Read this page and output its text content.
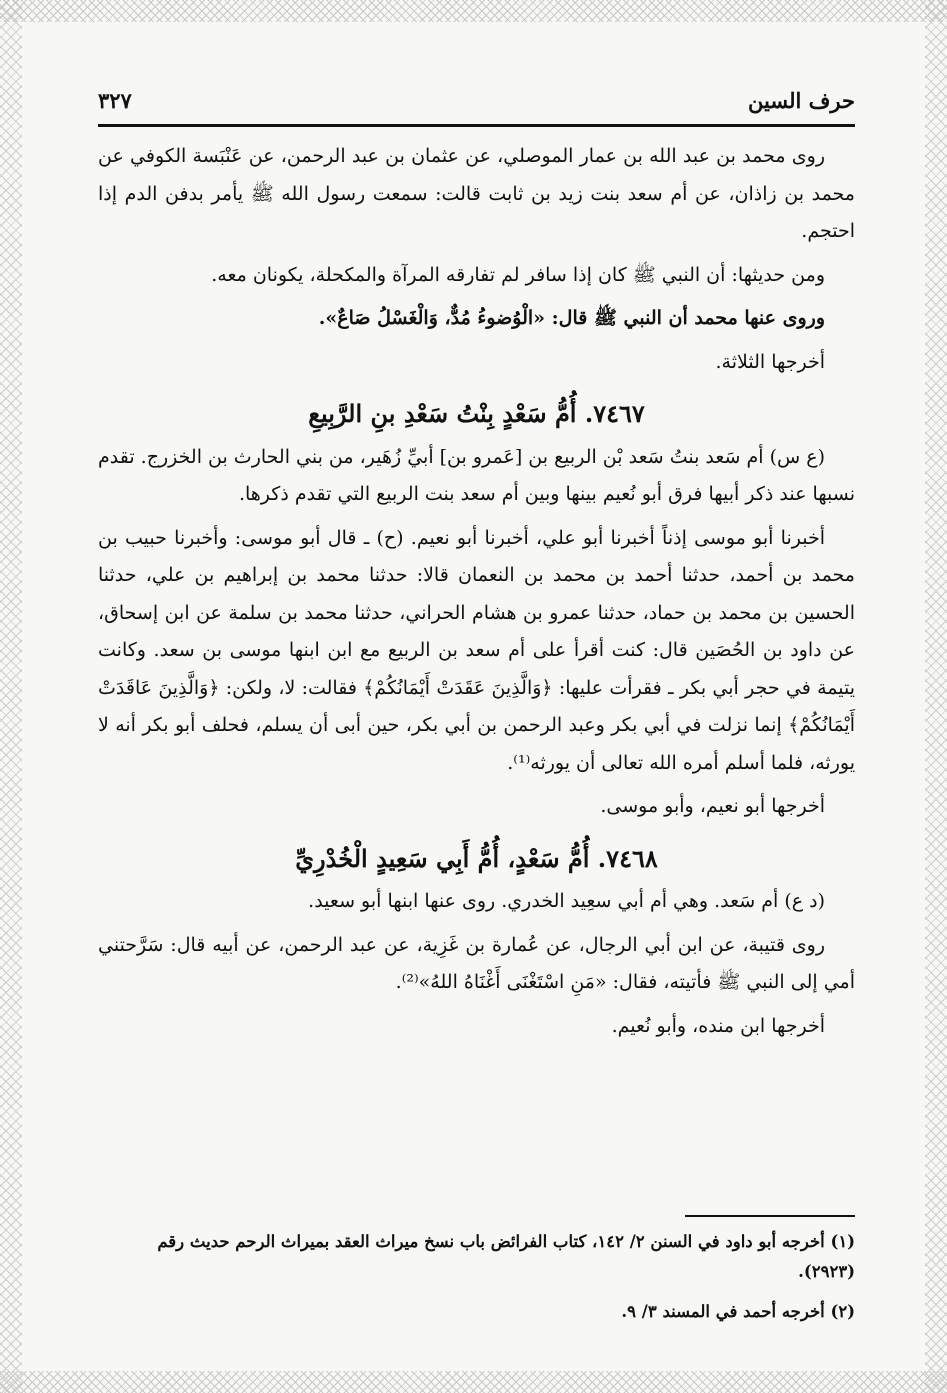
حرف السين
٣٢٧

روى محمد بن عبد الله بن عمار الموصلي، عن عثمان بن عبد الرحمن، عن عَنْبَسة الكوفي عن محمد بن زاذان، عن أم سعد بنت زيد بن ثابت قالت: سمعت رسول الله ﷺ يأمر بدفن الدم إذا احتجم.

ومن حديثها: أن النبي ﷺ كان إذا سافر لم تفارقه المرآة والمكحلة، يكونان معه.

وروى عنها محمد أن النبي ﷺ قال: «الْوُضوءُ مُدٌّ، وَالْغَسْلُ صَاعٌ».

أخرجها الثلاثة.

٧٤٦٧. أُمُّ سَعْدٍ بِنْتُ سَعْدِ بنِ الرَّبِيعِ

(ع س) أم سَعد بنتُ سَعد بْن الربيع بن [عَمرو بن] أبيِّ زُهَير، من بني الحارث بن الخزرج. تقدم نسبها عند ذكر أبيها فرق أبو نُعيم بينها وبين أم سعد بنت الربيع التي تقدم ذكرها.

أخبرنا أبو موسى إذناً أخبرنا أبو علي، أخبرنا أبو نعيم. (ح) ـ قال أبو موسى: وأخبرنا حبيب بن محمد بن أحمد، حدثنا أحمد بن محمد بن النعمان قالا: حدثنا محمد بن إبراهيم بن علي، حدثنا الحسين بن محمد بن حماد، حدثنا عمرو بن هشام الحراني، حدثنا محمد بن سلمة عن ابن إسحاق، عن داود بن الحُصَين قال: كنت أقرأ على أم سعد بن الربيع مع ابن ابنها موسى بن سعد. وكانت يتيمة في حجر أبي بكر ـ فقرأت عليها: ﴿وَالَّذِينَ عَقَدَتْ أَيْمَانُكُمْ﴾ فقالت: لا، ولكن: ﴿وَالَّذِينَ عَاقَدَتْ أَيْمَانُكُمْ﴾ إنما نزلت في أبي بكر وعبد الرحمن بن أبي بكر، حين أبى أن يسلم، فحلف أبو بكر أنه لا يورثه، فلما أسلم أمره الله تعالى أن يورثه⁽¹⁾.

أخرجها أبو نعيم، وأبو موسى.

٧٤٦٨. أُمُّ سَعْدٍ، أُمُّ أَبِي سَعِيدٍ الْخُدْرِيِّ

(د ع) أم سَعد. وهي أم أبي سعِيد الخدري. روى عنها ابنها أبو سعيد.

روى قتيبة، عن ابن أبي الرجال، عن عُمارة بن غَزِية، عن عبد الرحمن، عن أبيه قال: سَرَّحتني أمي إلى النبي ﷺ فأتيته، فقال: «مَنِ اسْتَغْنَى أَغْنَاهُ اللهُ»⁽²⁾.

أخرجها ابن منده، وأبو نُعيم.

(١) أخرجه أبو داود في السنن ٢/ ١٤٢، كتاب الفرائض باب نسخ ميراث العقد بميراث الرحم حديث رقم (٢٩٢٣).

(٢) أخرجه أحمد في المسند ٣/ ٩.
